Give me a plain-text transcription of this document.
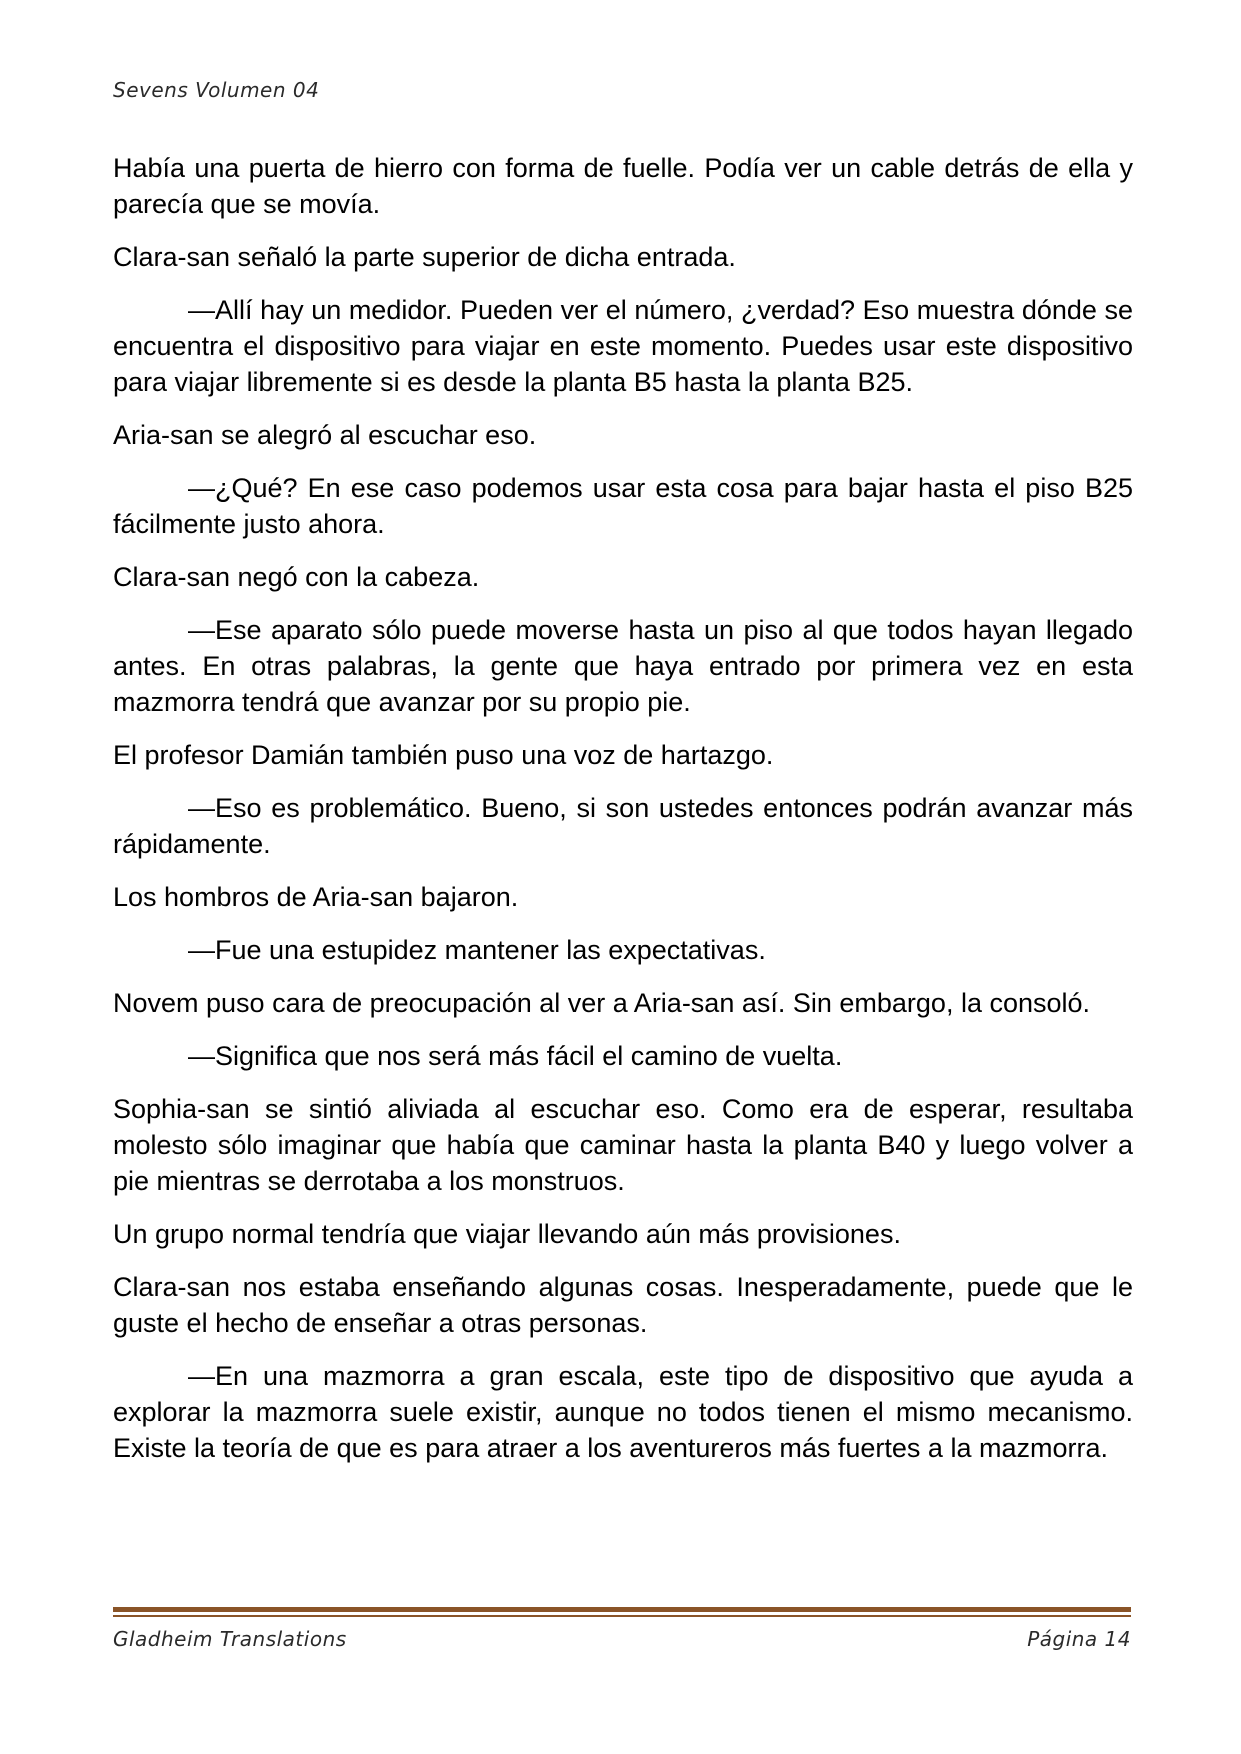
Sevens Volumen 04

Había una puerta de hierro con forma de fuelle. Podía ver un cable detrás de ella y parecía que se movía.

Clara-san señaló la parte superior de dicha entrada.

—Allí hay un medidor. Pueden ver el número, ¿verdad? Eso muestra dónde se encuentra el dispositivo para viajar en este momento. Puedes usar este dispositivo para viajar libremente si es desde la planta B5 hasta la planta B25.

Aria-san se alegró al escuchar eso.

—¿Qué? En ese caso podemos usar esta cosa para bajar hasta el piso B25 fácilmente justo ahora.

Clara-san negó con la cabeza.

—Ese aparato sólo puede moverse hasta un piso al que todos hayan llegado antes. En otras palabras, la gente que haya entrado por primera vez en esta mazmorra tendrá que avanzar por su propio pie.

El profesor Damián también puso una voz de hartazgo.

—Eso es problemático. Bueno, si son ustedes entonces podrán avanzar más rápidamente.

Los hombros de Aria-san bajaron.

—Fue una estupidez mantener las expectativas.

Novem puso cara de preocupación al ver a Aria-san así. Sin embargo, la consoló.

—Significa que nos será más fácil el camino de vuelta.

Sophia-san se sintió aliviada al escuchar eso. Como era de esperar, resultaba molesto sólo imaginar que había que caminar hasta la planta B40 y luego volver a pie mientras se derrotaba a los monstruos.

Un grupo normal tendría que viajar llevando aún más provisiones.

Clara-san nos estaba enseñando algunas cosas. Inesperadamente, puede que le guste el hecho de enseñar a otras personas.

—En una mazmorra a gran escala, este tipo de dispositivo que ayuda a explorar la mazmorra suele existir, aunque no todos tienen el mismo mecanismo. Existe la teoría de que es para atraer a los aventureros más fuertes a la mazmorra.

Gladheim Translations	Página 14
